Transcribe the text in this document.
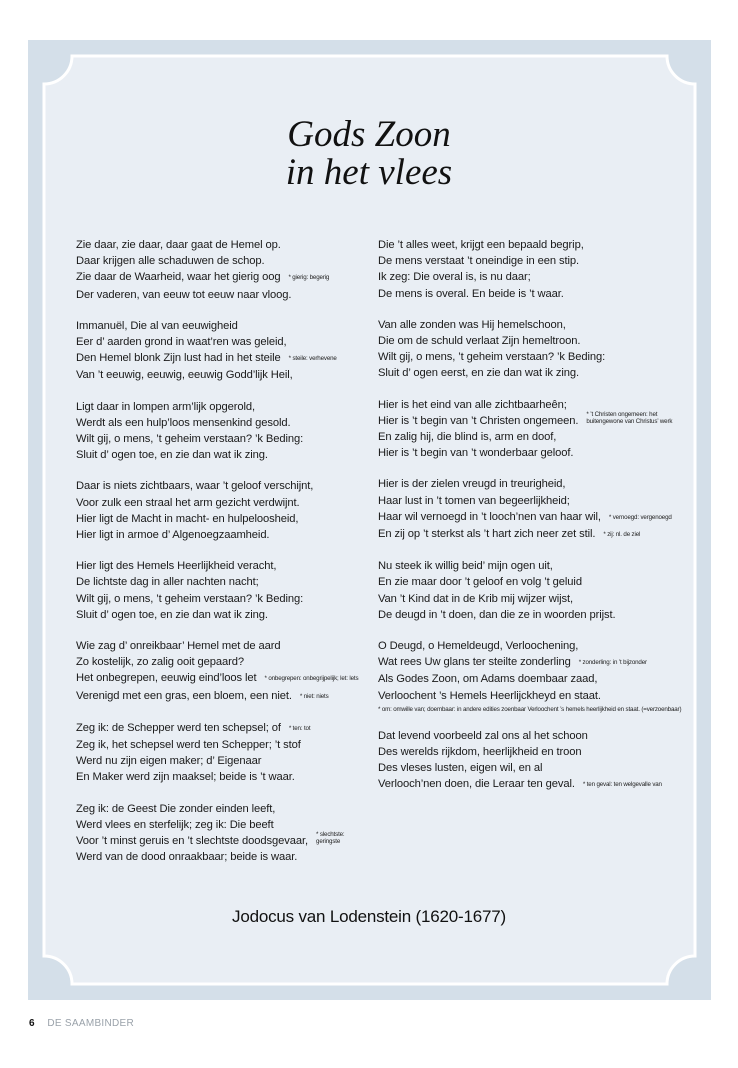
Gods Zoon
in het vlees
Zie daar, zie daar, daar gaat de Hemel op.
Daar krijgen alle schaduwen de schop.
Zie daar de Waarheid, waar het gierig oog * gierig: begerig
Der vaderen, van eeuw tot eeuw naar vloog.
Immanuël, Die al van eeuwigheid
Eer d’ aarden grond in waat’ren was geleid,
Den Hemel blonk Zijn lust had in het steile * steile: verhevene
Van ’t eeuwig, eeuwig, eeuwig Godd’lijk Heil,
Ligt daar in lompen arm’lijk opgerold,
Werdt als een hulp’loos mensenkind gesold.
Wilt gij, o mens, ’t geheim verstaan? ’k Beding:
Sluit d’ ogen toe, en zie dan wat ik zing.
Daar is niets zichtbaars, waar ’t geloof verschijnt,
Voor zulk een straal het arm gezicht verdwijnt.
Hier ligt de Macht in macht- en hulpeloosheid,
Hier ligt in armoe d’ Algenoegzaamheid.
Hier ligt des Hemels Heerlijkheid veracht,
De lichtste dag in aller nachten nacht;
Wilt gij, o mens, ’t geheim verstaan? ’k Beding:
Sluit d’ ogen toe, en zie dan wat ik zing.
Wie zag d’ onreikbaar’ Hemel met de aard
Zo kostelijk, zo zalig ooit gepaard?
Het onbegrepen, eeuwig eind’loos let * onbegrepen: onbegrijpelijk; let: lets
Verenigd met een gras, een bloem, een niet. * niet: niets
Zeg ik: de Schepper werd ten schepsel; of * ten: tot
Zeg ik, het schepsel werd ten Schepper; ’t stof
Werd nu zijn eigen maker; d’ Eigenaar
En Maker werd zijn maaksel; beide is ’t waar.
Zeg ik: de Geest Die zonder einden leeft,
Werd vlees en sterfelijk; zeg ik: Die beeft
Voor ’t minst geruis en ’t slechtste doodsgevaar,* slechtste:
geringste
Werd van de dood onraakbaar; beide is waar.
Die ’t alles weet, krijgt een bepaald begrip,
De mens verstaat ’t oneindige in een stip.
Ik zeg: Die overal is, is nu daar;
De mens is overal. En beide is ’t waar.
Van alle zonden was Hij hemelschoon,
Die om de schuld verlaat Zijn hemeltroon.
Wilt gij, o mens, ’t geheim verstaan? ’k Beding:
Sluit d’ ogen eerst, en zie dan wat ik zing.
Hier is het eind van alle zichtbaarheên;
Hier is ’t begin van ’t Christen ongemeen.* ’t Christen ongemeen: het
buitengewone van Christus’ werk
En zalig hij, die blind is, arm en doof,
Hier is ’t begin van ’t wonderbaar geloof.
Hier is der zielen vreugd in treurigheid,
Haar lust in ’t tomen van begeerlijkheid;
Haar wil vernoegd in ’t looch’nen van haar wil, * vernoegd: vergenoegd
En zij op ’t sterkst als ’t hart zich neer zet stil. * zij: nl. de ziel
Nu steek ik willig beid’ mijn ogen uit,
En zie maar door ’t geloof en volg ’t geluid
Van ’t Kind dat in de Krib mij wijzer wijst,
De deugd in ’t doen, dan die ze in woorden prijst.
O Deugd, o Hemeldeugd, Verloochening,
Wat rees Uw glans ter steilte zonderling * zonderling: in ’t bijzonder
Als Godes Zoon, om Adams doembaar zaad,
Verloochent ’s Hemels Heerlijckheyd en staat.
* om: omwille van; doembaar: in andere edities zoenbaar Verloochent ’s hemels heerlijkheid en staat. (=verzoenbaar)
Dat levend voorbeeld zal ons al het schoon
Des werelds rijkdom, heerlijkheid en troon
Des vleses lusten, eigen wil, en al
Verlooch’nen doen, die Leraar ten geval. * ten geval: ten welgevalle van
Jodocus van Lodenstein (1620-1677)
6 DE SAAMBINDER
